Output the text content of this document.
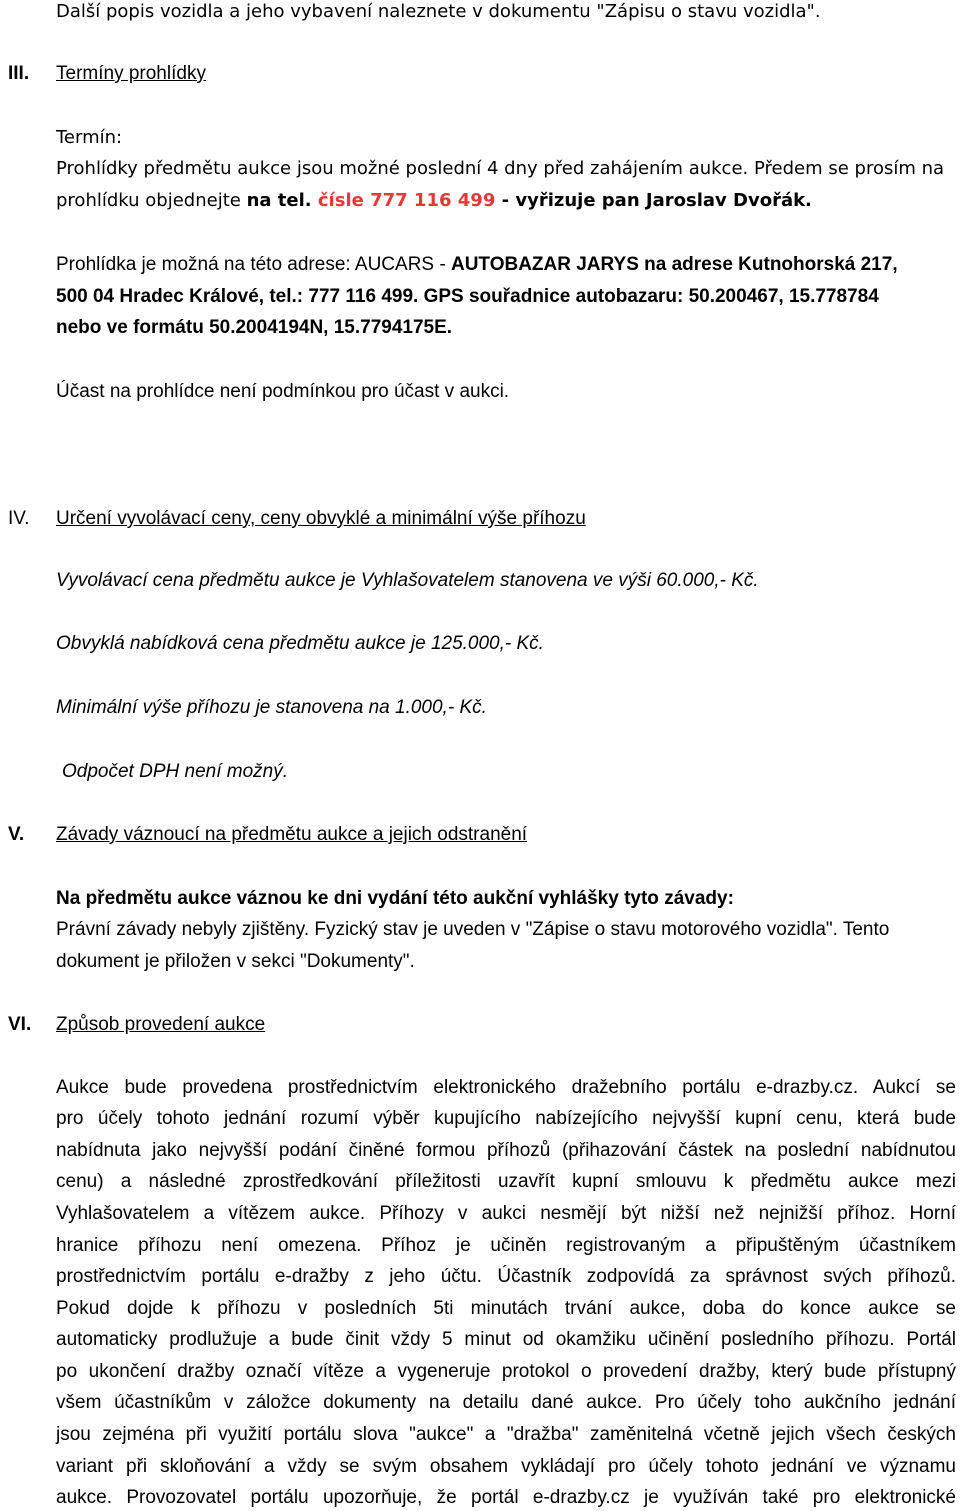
Další popis vozidla a jeho vybavení naleznete v dokumentu "Zápisu o stavu vozidla".
III. Termíny prohlídky
Termín:
Prohlídky předmětu aukce jsou možné poslední 4 dny před zahájením aukce. Předem se prosím na
prohlídku objednejte na tel. čísle 777 116 499 - vyřizuje pan Jaroslav Dvořák.
Prohlídka je možná na této adrese: AUCARS - AUTOBAZAR JARYS na adrese Kutnohorská 217,
500 04 Hradec Králové, tel.: 777 116 499. GPS souřadnice autobazaru: 50.200467, 15.778784
nebo ve formátu 50.2004194N, 15.7794175E.
Účast na prohlídce není podmínkou pro účast v aukci.
IV. Určení vyvolávací ceny, ceny obvyklé a minimální výše příhozu
Vyvolávací cena předmětu aukce je Vyhlašovatelem stanovena ve výši 60.000,- Kč.
Obvyklá nabídková cena předmětu aukce je 125.000,- Kč.
Minimální výše příhozu je stanovena na 1.000,- Kč.
Odpočet DPH není možný.
V. Závady váznoucí na předmětu aukce a jejich odstranění
Na předmětu aukce váznou ke dni vydání této aukční vyhlášky tyto závady:
Právní závady nebyly zjištěny. Fyzický stav je uveden v "Zápise o stavu motorového vozidla". Tento
dokument je přiložen v sekci "Dokumenty".
VI. Způsob provedení aukce
Aukce bude provedena prostřednictvím elektronického dražebního portálu e-drazby.cz. Aukcí se
pro účely tohoto jednání rozumí výběr kupujícího nabízejícího nejvyšší kupní cenu, která bude
nabídnuta jako nejvyšší podání činěné formou příhozů (přihazování částek na poslední nabídnutou
cenu) a následné zprostředkování příležitosti uzavřít kupní smlouvu k předmětu aukce mezi
Vyhlašovatelem a vítězem aukce. Příhozy v aukci nesmějí být nižší než nejnižší příhoz. Horní
hranice příhozu není omezena. Příhoz je učiněn registrovaným a připuštěným účastníkem
prostřednictvím portálu e-dražby z jeho účtu. Účastník zodpovídá za správnost svých příhozů.
Pokud dojde k příhozu v posledních 5ti minutách trvání aukce, doba do konce aukce se
automaticky prodlužuje a bude činit vždy 5 minut od okamžiku učinění posledního příhozu. Portál
po ukončení dražby označí vítěze a vygeneruje protokol o provedení dražby, který bude přístupný
všem účastníkům v záložce dokumenty na detailu dané aukce. Pro účely toho aukčního jednání
jsou zejména při využití portálu slova "aukce" a "dražba" zaměnitelná včetně jejich všech českých
variant při skloňování a vždy se svým obsahem vykládají pro účely tohoto jednání ve významu
aukce. Provozovatel portálu upozorňuje, že portál e-drazby.cz je využíván také pro elektronické
